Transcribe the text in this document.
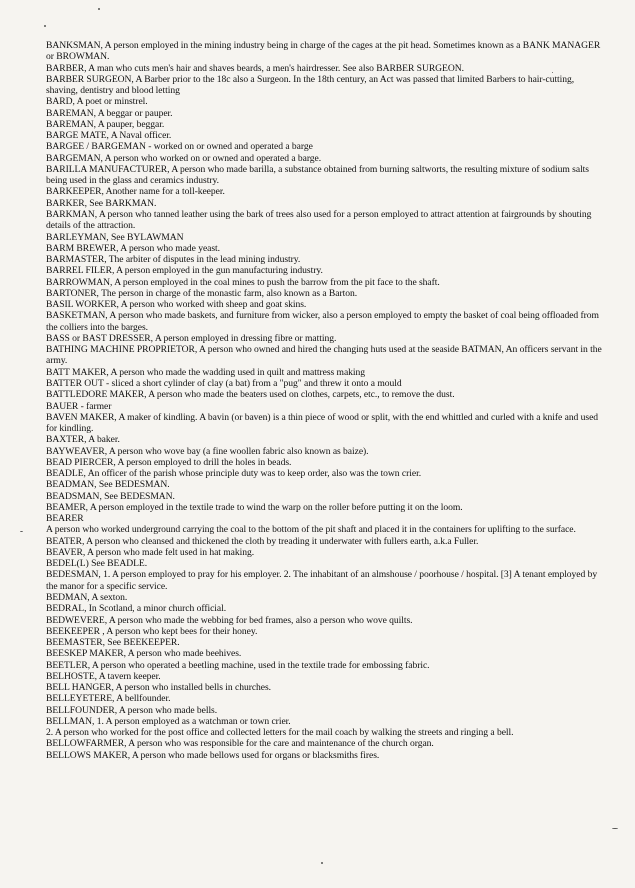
BANKSMAN, A person employed in the mining industry being in charge of the cages at the pit head. Sometimes known as a BANK MANAGER or BROWMAN.

BARBER, A man who cuts men's hair and shaves beards, a men's hairdresser. See also BARBER SURGEON.

BARBER SURGEON, A Barber prior to the 18c also a Surgeon. In the 18th century, an Act was passed that limited Barbers to hair-cutting, shaving, dentistry and blood letting

BARD, A poet or minstrel.

BAREMAN, A beggar or pauper.

BAREMAN, A pauper, beggar.

BARGE MATE, A Naval officer.

BARGEE / BARGEMAN - worked on or owned and operated a barge

BARGEMAN, A person who worked on or owned and operated a barge.

BARILLA MANUFACTURER, A person who made barilla, a substance obtained from burning saltworts, the resulting mixture of sodium salts being used in the glass and ceramics industry.

BARKEEPER, Another name for a toll-keeper.

BARKER, See BARKMAN.

BARKMAN, A person who tanned leather using the bark of trees also used for a person employed to attract attention at fairgrounds by shouting details of the attraction.

BARLEYMAN, See BYLAWMAN

BARM BREWER, A person who made yeast.

BARMASTER, The arbiter of disputes in the lead mining industry.

BARREL FILER, A person employed in the gun manufacturing industry.

BARROWMAN, A person employed in the coal mines to push the barrow from the pit face to the shaft.

BARTONER, The person in charge of the monastic farm, also known as a Barton.

BASIL WORKER, A person who worked with sheep and goat skins.

BASKETMAN, A person who made baskets, and furniture from wicker, also a person employed to empty the basket of coal being offloaded from the colliers into the barges.

BASS or BAST DRESSER, A person employed in dressing fibre or matting.

BATHING MACHINE PROPRIETOR, A person who owned and hired the changing huts used at the seaside BATMAN, An officers servant in the army.

BATT MAKER, A person who made the wadding used in quilt and mattress making

BATTER OUT - sliced a short cylinder of clay (a bat) from a "pug" and threw it onto a mould

BATTLEDORE MAKER, A person who made the beaters used on clothes, carpets, etc., to remove the dust.

BAUER - farmer

BAVEN MAKER, A maker of kindling. A bavin (or baven) is a thin piece of wood or split, with the end whittled and curled with a knife and used for kindling.

BAXTER, A baker.

BAYWEAVER, A person who wove bay (a fine woollen fabric also known as baize).

BEAD PIERCER, A person employed to drill the holes in beads.

BEADLE, An officer of the parish whose principle duty was to keep order, also was the town crier.

BEADMAN, See BEDESMAN.

BEADSMAN, See BEDESMAN.

BEAMER, A person employed in the textile trade to wind the warp on the roller before putting it on the loom.

BEARER

A person who worked underground carrying the coal to the bottom of the pit shaft and placed it in the containers for uplifting to the surface.

BEATER, A person who cleansed and thickened the cloth by treading it underwater with fullers earth, a.k.a Fuller.

BEAVER, A person who made felt used in hat making.

BEDEL(L) See BEADLE.

BEDESMAN, 1. A person employed to pray for his employer. 2. The inhabitant of an almshouse / poorhouse / hospital. [3] A tenant employed by the manor for a specific service.

BEDMAN, A sexton.

BEDRAL, In Scotland, a minor church official.

BEDWEVERE, A person who made the webbing for bed frames, also a person who wove quilts.

BEEKEEPER , A person who kept bees for their honey.

BEEMASTER, See BEEKEEPER.

BEESKEP MAKER, A person who made beehives.

BEETLER, A person who operated a beetling machine, used in the textile trade for embossing fabric.

BELHOSTE, A tavern keeper.

BELL HANGER, A person who installed bells in churches.

BELLEYETERE, A bellfounder.

BELLFOUNDER, A person who made bells.

BELLMAN, 1. A person employed as a watchman or town crier.

2. A person who worked for the post office and collected letters for the mail coach by walking the streets and ringing a bell.

BELLOWFARMER, A person who was responsible for the care and maintenance of the church organ.

BELLOWS MAKER, A person who made bellows used for organs or blacksmiths fires.
